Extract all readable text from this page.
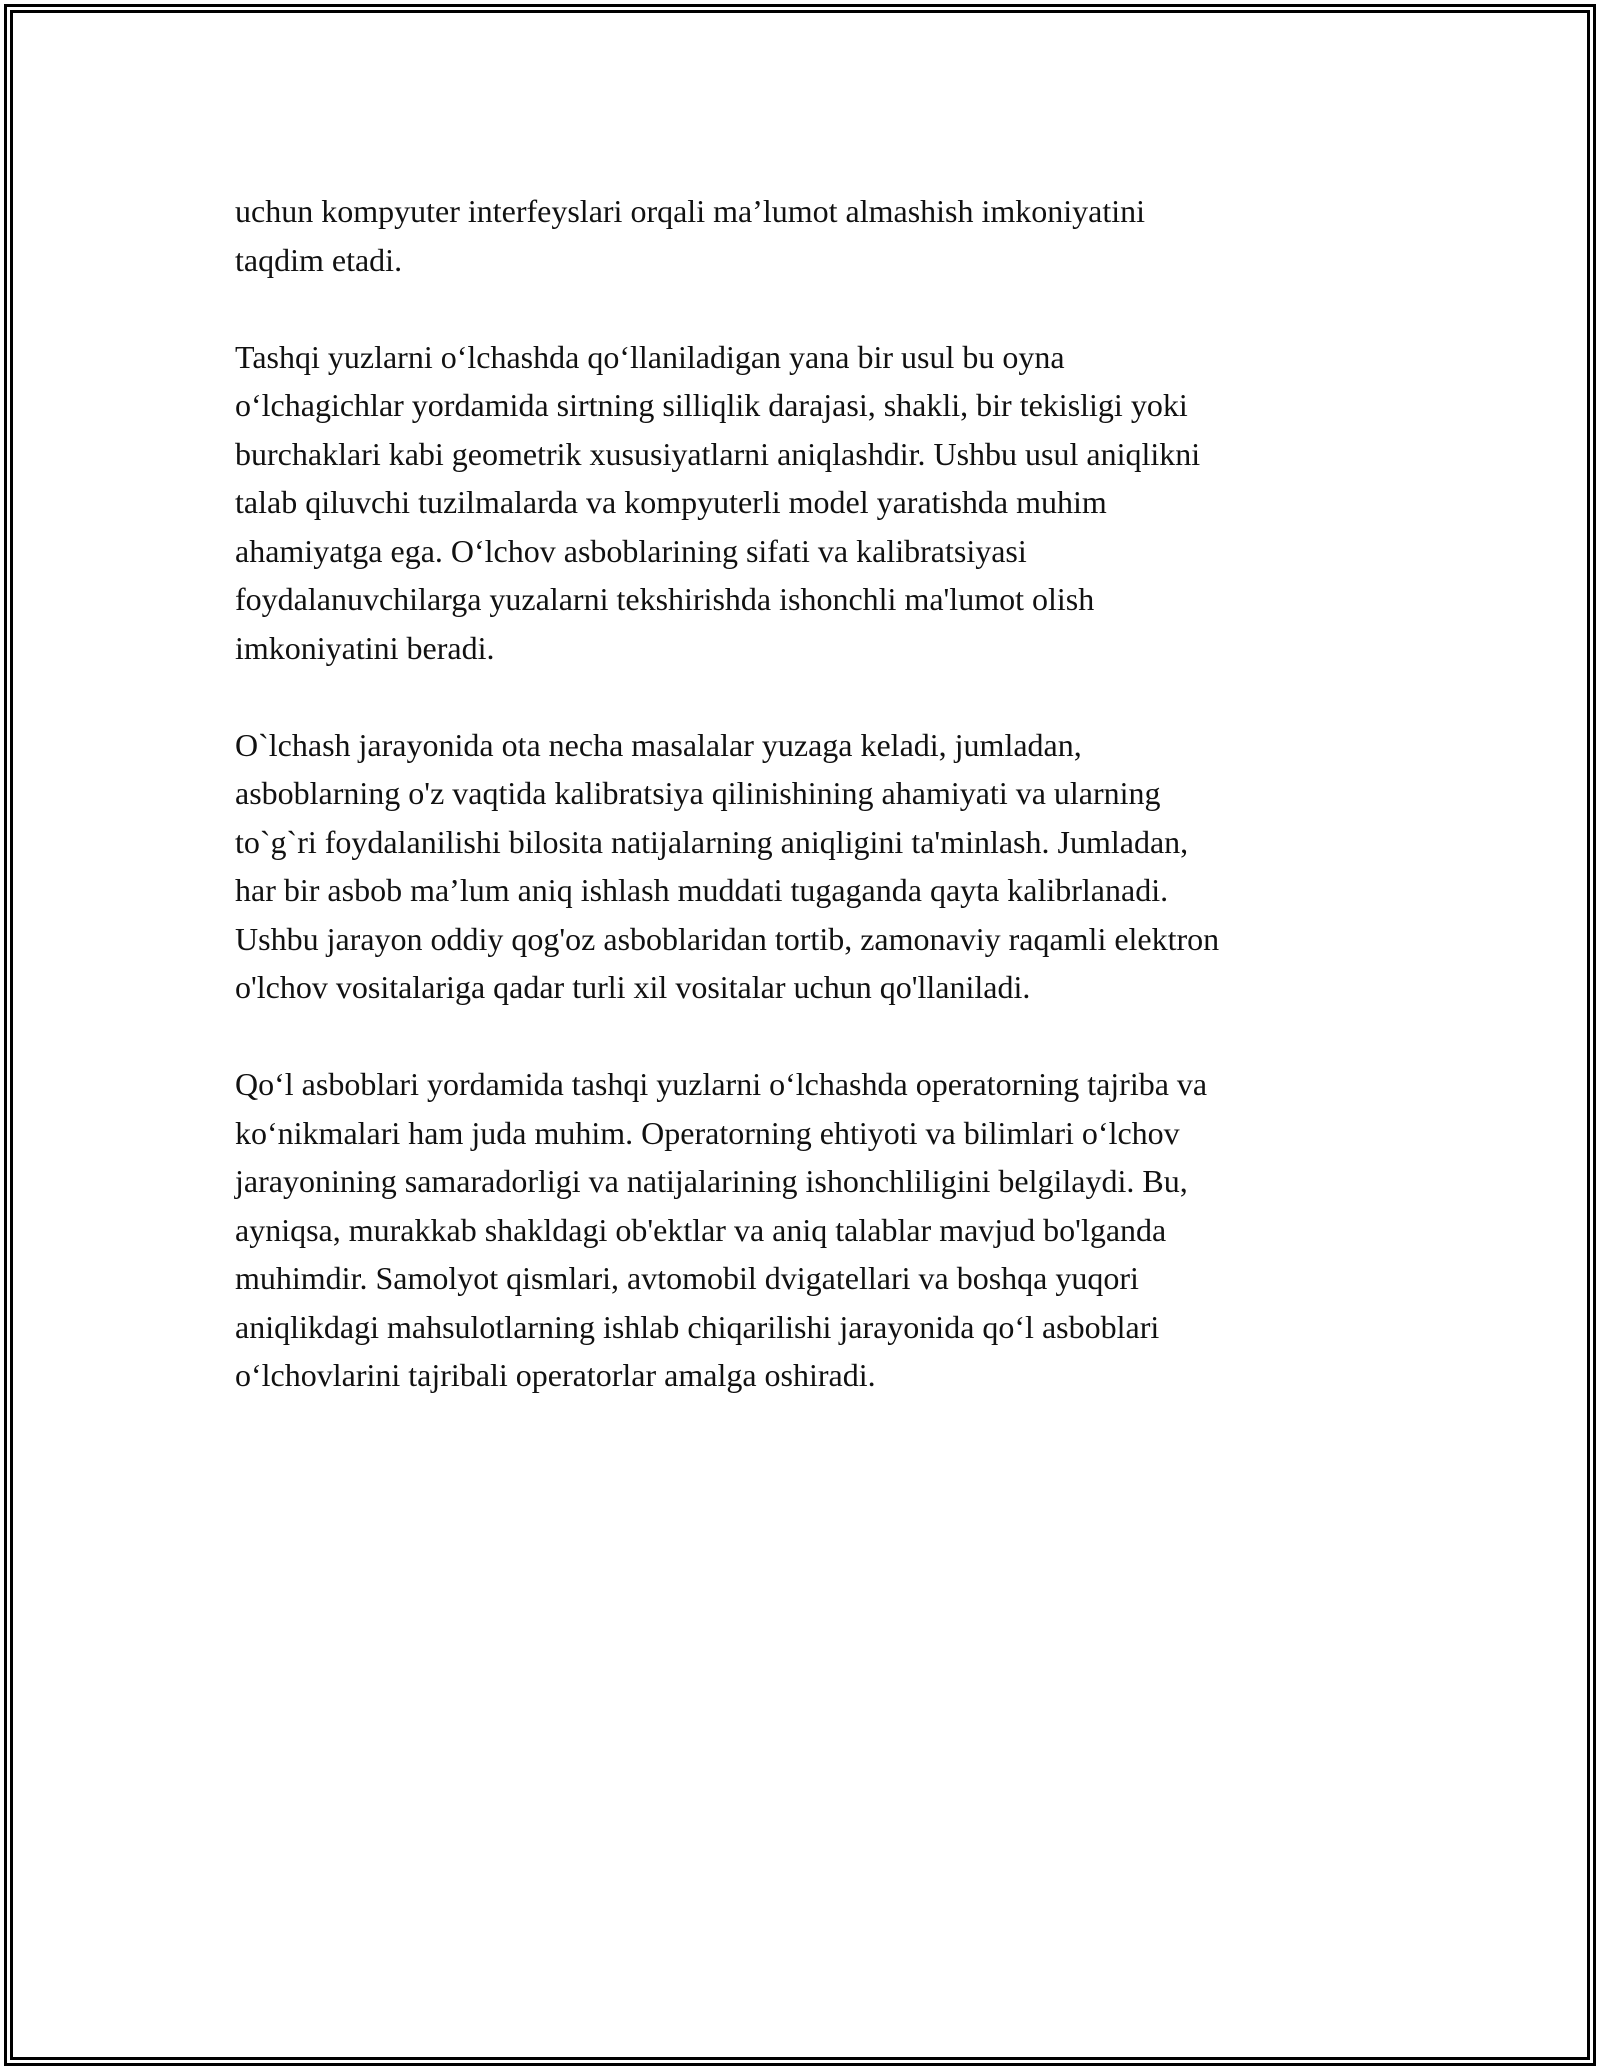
uchun kompyuter interfeyslari orqali ma’lumot almashish imkoniyatini
taqdim etadi.

Tashqi yuzlarni o‘lchashda qo‘llaniladigan yana bir usul bu oyna
o‘lchagichlar yordamida sirtning silliqlik darajasi, shakli, bir tekisligi yoki
burchaklari kabi geometrik xususiyatlarni aniqlashdir. Ushbu usul aniqlikni
talab qiluvchi tuzilmalarda va kompyuterli model yaratishda muhim
ahamiyatga ega. O‘lchov asboblarining sifati va kalibratsiyasi
foydalanuvchilarga yuzalarni tekshirishda ishonchli ma'lumot olish
imkoniyatini beradi.

O`lchash jarayonida ota necha masalalar yuzaga keladi, jumladan,
asboblarning o'z vaqtida kalibratsiya qilinishining ahamiyati va ularning
to`g`ri foydalanilishi bilosita natijalarning aniqligini ta'minlash. Jumladan,
har bir asbob ma’lum aniq ishlash muddati tugaganda qayta kalibrlanadi.
Ushbu jarayon oddiy qog'oz asboblaridan tortib, zamonaviy raqamli elektron
o'lchov vositalariga qadar turli xil vositalar uchun qo'llaniladi.

Qo‘l asboblari yordamida tashqi yuzlarni o‘lchashda operatorning tajriba va
ko‘nikmalari ham juda muhim. Operatorning ehtiyoti va bilimlari o‘lchov
jarayonining samaradorligi va natijalarining ishonchliligini belgilaydi. Bu,
ayniqsa, murakkab shakldagi ob'ektlar va aniq talablar mavjud bo'lganda
muhimdir. Samolyot qismlari, avtomobil dvigatellari va boshqa yuqori
aniqlikdagi mahsulotlarning ishlab chiqarilishi jarayonida qo‘l asboblari
o‘lchovlarini tajribali operatorlar amalga oshiradi.
